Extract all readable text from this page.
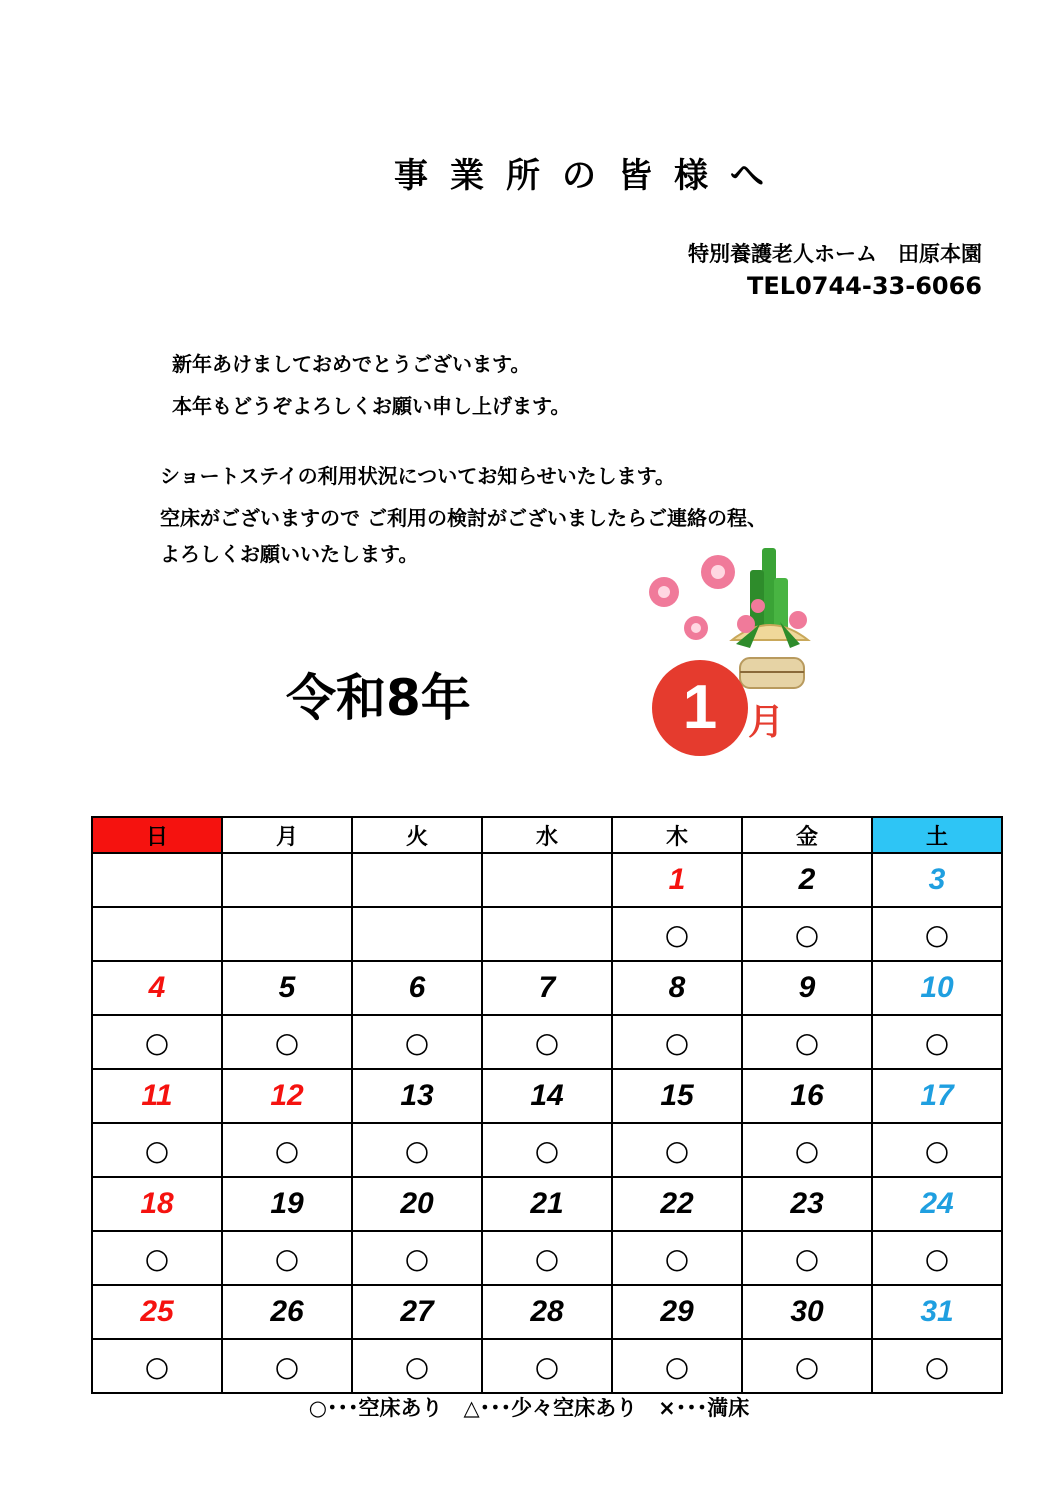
事業所の皆様へ
特別養護老人ホーム　田原本園
TEL0744-33-6066
新年あけましておめでとうございます。
本年もどうぞよろしくお願い申し上げます。
ショートステイの利用状況についてお知らせいたします。
空床がございますので ご利用の検討がございましたらご連絡の程、
よろしくお願いいたします。
令和8年	1 月
日	月	火	水	木	金	土
				1	2	3
				○	○	○
4	5	6	7	8	9	10
○	○	○	○	○	○	○
11	12	13	14	15	16	17
○	○	○	○	○	○	○
18	19	20	21	22	23	24
○	○	○	○	○	○	○
25	26	27	28	29	30	31
○	○	○	○	○	○	○
○･･･空床あり　△･･･少々空床あり　×･･･満床
